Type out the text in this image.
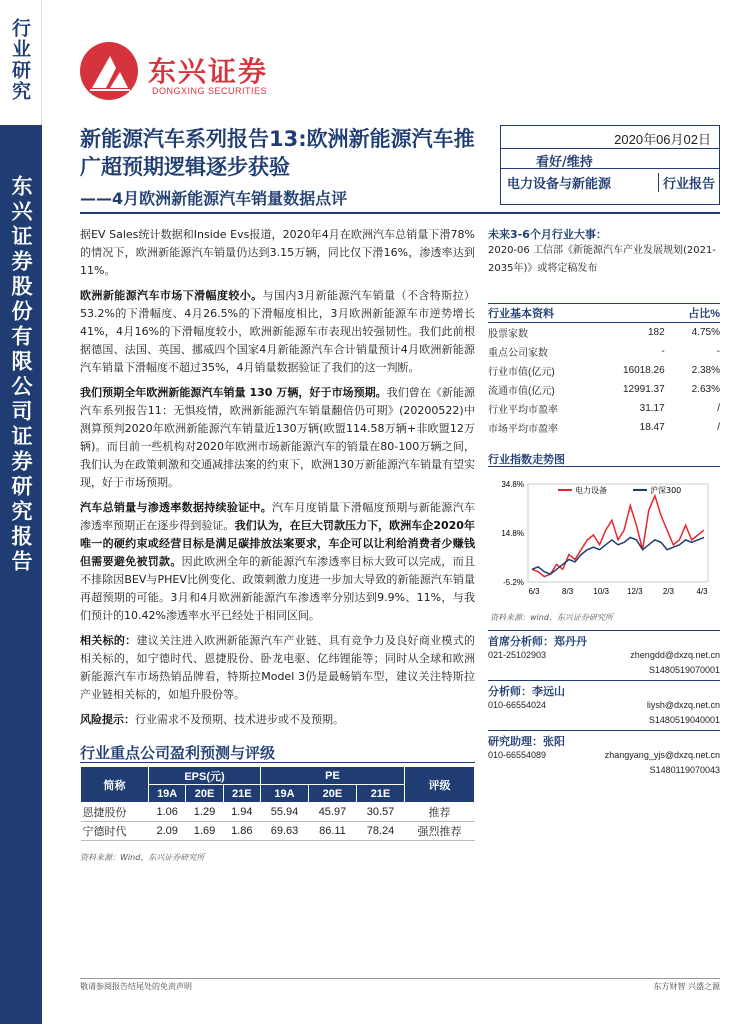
行业研究
东兴证券股份有限公司证券研究报告
东兴证券
DONGXING SECURITIES
新能源汽车系列报告13:欧洲新能源汽车推广超预期逻辑逐步获验
——4月欧洲新能源汽车销量数据点评
2020年06月02日
看好/维持
电力设备与新能源	行业报告

据EV Sales统计数据和Inside Evs报道，2020年4月在欧洲汽车总销量下滑78%的情况下，欧洲新能源汽车销量仍达到3.15万辆，同比仅下滑16%，渗透率达到11%。

欧洲新能源汽车市场下滑幅度较小。与国内3月新能源汽车销量（不含特斯拉）53.2%的下滑幅度、4月26.5%的下滑幅度相比，3月欧洲新能源车市逆势增长41%，4月16%的下滑幅度较小，欧洲新能源车市表现出较强韧性。我们此前根据德国、法国、英国、挪威四个国家4月新能源汽车合计销量预计4月欧洲新能源汽车销量下滑幅度不超过35%，4月销量数据验证了我们的这一判断。

我们预期全年欧洲新能源汽车销量 130 万辆，好于市场预期。我们曾在《新能源汽车系列报告11：无惧疫情，欧洲新能源汽车销量翻倍仍可期》(20200522)中测算预判2020年欧洲新能源汽车销量近130万辆(欧盟114.58万辆+非欧盟12万辆)。而目前一些机构对2020年欧洲市场新能源汽车的销量在80-100万辆之间，我们认为在政策刺激和交通减排法案的约束下，欧洲130万新能源汽车销量有望实现，好于市场预期。

汽车总销量与渗透率数据持续验证中。汽车月度销量下滑幅度预期与新能源汽车渗透率预期正在逐步得到验证。我们认为，在巨大罚款压力下，欧洲车企2020年唯一的硬约束或经营目标是满足碳排放法案要求，车企可以让利给消费者少赚钱但需要避免被罚款。因此欧洲全年的新能源汽车渗透率目标大致可以完成，而且不排除因BEV与PHEV比例变化、政策刺激力度进一步加大导致的新能源汽车销量再超预期的可能。3月和4月欧洲新能源汽车渗透率分别达到9.9%、11%，与我们预计的10.42%渗透率水平已经处于相同区间。

相关标的：建议关注进入欧洲新能源汽车产业链、具有竞争力及良好商业模式的相关标的，如宁德时代、恩捷股份、卧龙电驱、亿纬锂能等；同时从全球和欧洲新能源汽车市场热销品牌看，特斯拉Model 3仍是最畅销车型，建议关注特斯拉产业链相关标的，如旭升股份等。

风险提示：行业需求不及预期、技术进步或不及预期。

行业重点公司盈利预测与评级
简称	EPS(元)			PE			评级
	19A	20E	21E	19A	20E	21E	
恩捷股份	1.06	1.29	1.94	55.94	45.97	30.57	推荐
宁德时代	2.09	1.69	1.86	69.63	86.11	78.24	强烈推荐
资料来源：Wind、东兴证券研究所
未来3-6个月行业大事：
2020-06 工信部《新能源汽车产业发展规划(2021-2035年)》或将定稿发布
行业基本资料		占比%
股票家数	182	4.75%
重点公司家数	-	-
行业市值(亿元)	16018.26	2.38%
流通市值(亿元)	12991.37	2.63%
行业平均市盈率	31.17	/
市场平均市盈率	18.47	/
行业指数走势图
34.8%
14.8%
-5.2%
6/3	8/3	10/3 12/3	2/3	4/3
电力设备	沪深300
资料来源：wind、东兴证券研究所
首席分析师：郑丹丹
021-25102903	zhengdd@dxzq.net.cn
S1480519070001
分析师：李远山
010-66554024	liysh@dxzq.net.cn
S1480519040001
研究助理：张阳
010-66554089	zhangyang_yjs@dxzq.net.cn
S1480119070043
敬请参阅报告结尾处的免责声明	东方财智 兴盛之源
